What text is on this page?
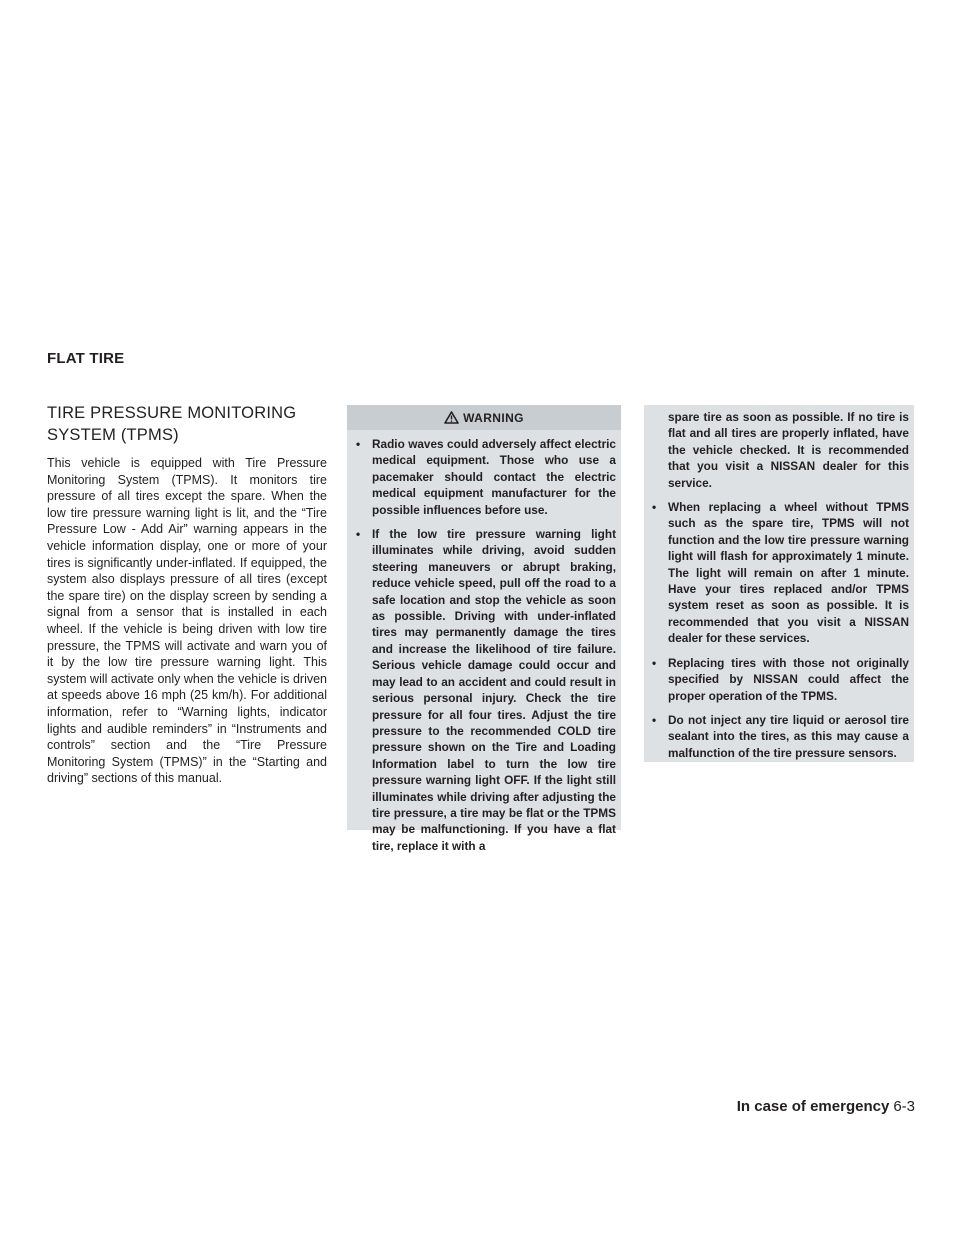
FLAT TIRE
TIRE PRESSURE MONITORING
SYSTEM (TPMS)

This vehicle is equipped with Tire Pressure Monitoring System (TPMS). It monitors tire pressure of all tires except the spare. When the low tire pressure warning light is lit, and the “Tire Pressure Low - Add Air” warning appears in the vehicle information display, one or more of your tires is significantly under-inflated. If equipped, the system also displays pressure of all tires (except the spare tire) on the display screen by sending a signal from a sensor that is installed in each wheel. If the vehicle is being driven with low tire pressure, the TPMS will activate and warn you of it by the low tire pressure warning light. This system will activate only when the vehicle is driven at speeds above 16 mph (25 km/h). For additional information, refer to “Warning lights, indicator lights and audible reminders” in “Instruments and controls” section and the “Tire Pressure Monitoring System (TPMS)” in the “Starting and driving” sections of this manual.

WARNING
• Radio waves could adversely affect electric medical equipment. Those who use a pacemaker should contact the electric medical equipment manufacturer for the possible influences before use.
• If the low tire pressure warning light illuminates while driving, avoid sudden steering maneuvers or abrupt braking, reduce vehicle speed, pull off the road to a safe location and stop the vehicle as soon as possible. Driving with under-inflated tires may permanently damage the tires and increase the likelihood of tire failure. Serious vehicle damage could occur and may lead to an accident and could result in serious personal injury. Check the tire pressure for all four tires. Adjust the tire pressure to the recommended COLD tire pressure shown on the Tire and Loading Information label to turn the low tire pressure warning light OFF. If the light still illuminates while driving after adjusting the tire pressure, a tire may be flat or the TPMS may be malfunctioning. If you have a flat tire, replace it with a
spare tire as soon as possible. If no tire is flat and all tires are properly inflated, have the vehicle checked. It is recommended that you visit a NISSAN dealer for this service.
• When replacing a wheel without TPMS such as the spare tire, TPMS will not function and the low tire pressure warning light will flash for approximately 1 minute. The light will remain on after 1 minute. Have your tires replaced and/or TPMS system reset as soon as possible. It is recommended that you visit a NISSAN dealer for these services.
• Replacing tires with those not originally specified by NISSAN could affect the proper operation of the TPMS.
• Do not inject any tire liquid or aerosol tire sealant into the tires, as this may cause a malfunction of the tire pressure sensors.
In case of emergency 6-3
